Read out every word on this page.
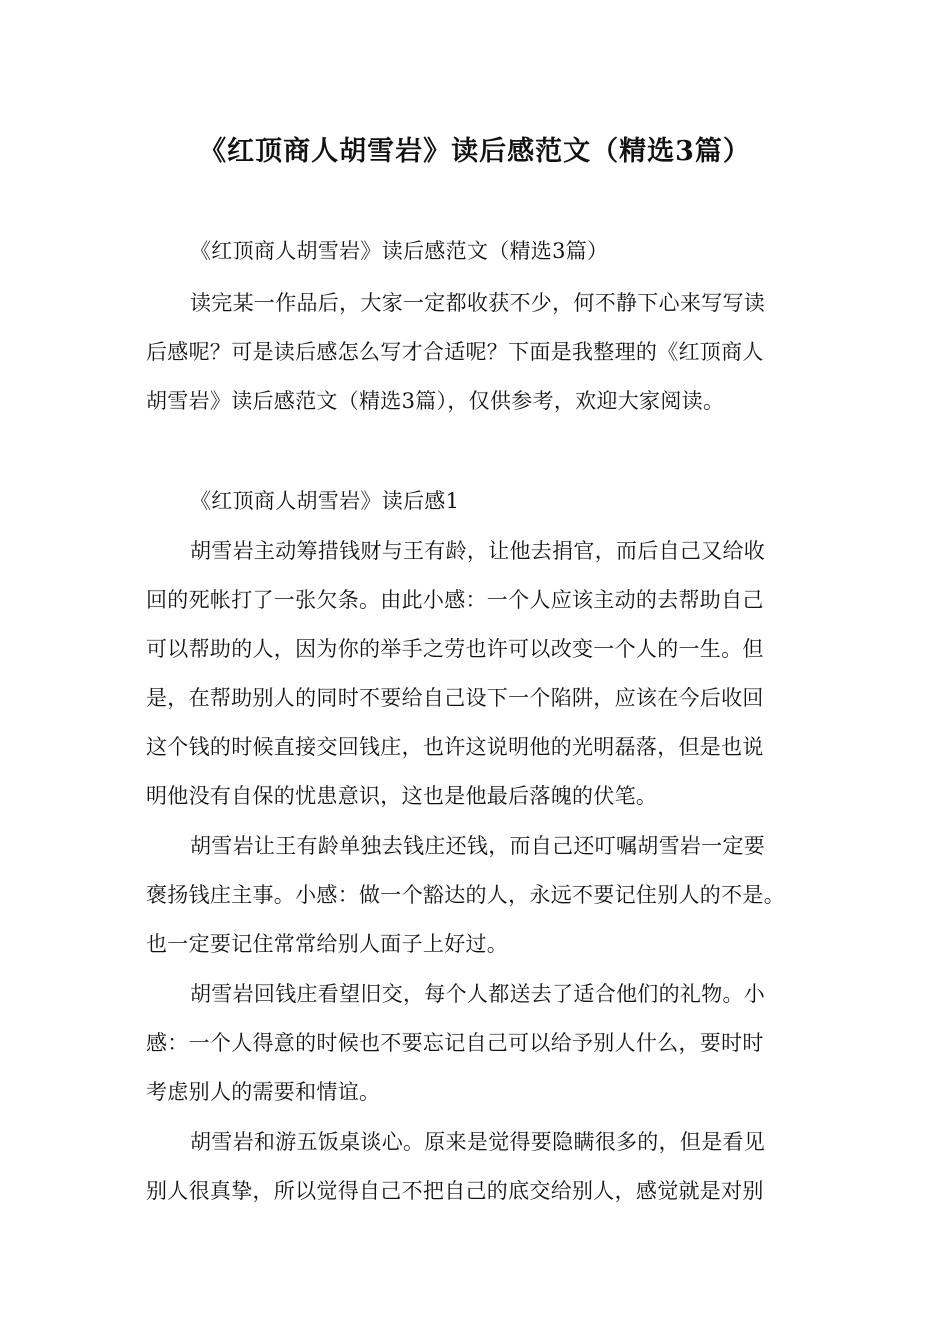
《红顶商人胡雪岩》读后感范文（精选3篇）
《红顶商人胡雪岩》读后感范文（精选3篇）
读完某一作品后，大家一定都收获不少，何不静下心来写写读
后感呢？可是读后感怎么写才合适呢？下面是我整理的《红顶商人
胡雪岩》读后感范文（精选3篇），仅供参考，欢迎大家阅读。
《红顶商人胡雪岩》读后感1
胡雪岩主动筹措钱财与王有龄，让他去捐官，而后自己又给收
回的死帐打了一张欠条。由此小感：一个人应该主动的去帮助自己
可以帮助的人，因为你的举手之劳也许可以改变一个人的一生。但
是，在帮助别人的同时不要给自己设下一个陷阱，应该在今后收回
这个钱的时候直接交回钱庄，也许这说明他的光明磊落，但是也说
明他没有自保的忧患意识，这也是他最后落魄的伏笔。
胡雪岩让王有龄单独去钱庄还钱，而自己还叮嘱胡雪岩一定要
褒扬钱庄主事。小感：做一个豁达的人，永远不要记住别人的不是。
也一定要记住常常给别人面子上好过。
胡雪岩回钱庄看望旧交，每个人都送去了适合他们的礼物。小
感：一个人得意的时候也不要忘记自己可以给予别人什么，要时时
考虑别人的需要和情谊。
胡雪岩和游五饭桌谈心。原来是觉得要隐瞒很多的，但是看见
别人很真挚，所以觉得自己不把自己的底交给别人，感觉就是对别
